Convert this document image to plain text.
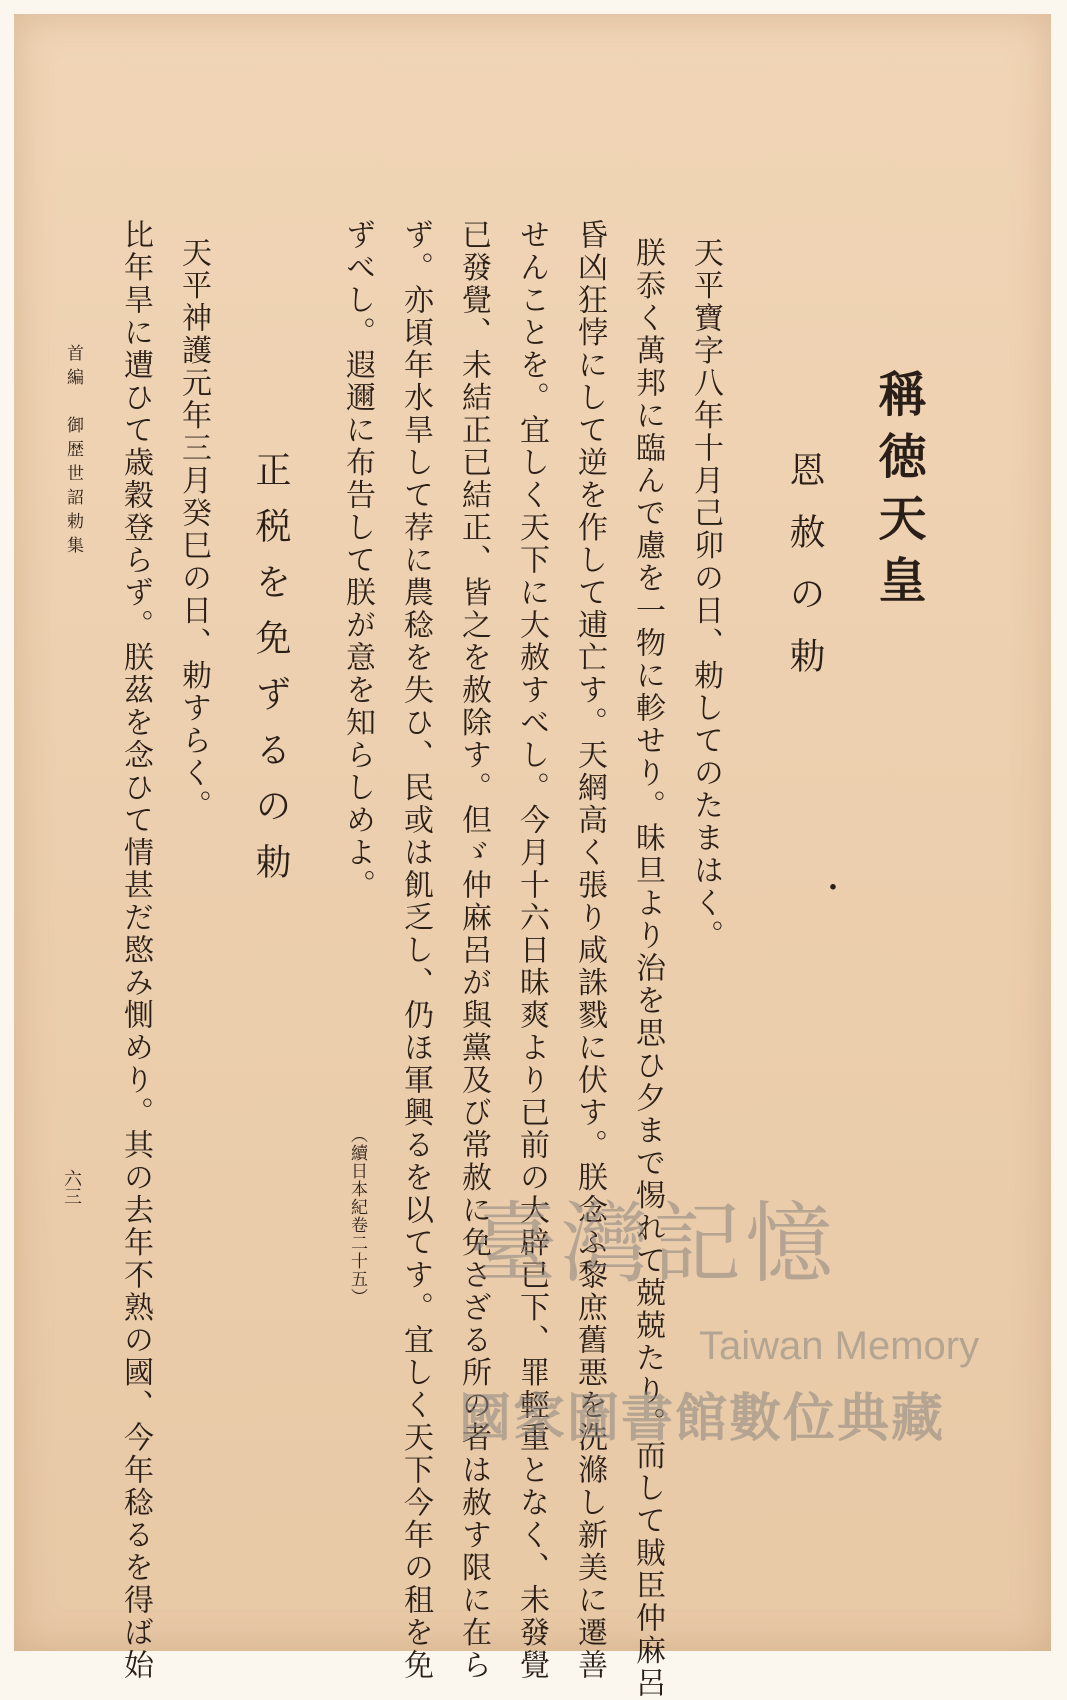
稱徳天皇
・
恩赦の勅
天平寶字八年十月己卯の日、勅してのたまはく。
朕忝く萬邦に臨んで慮を一物に軫せり。昧旦より治を思ひ夕まで惕れて兢兢たり。而して賊臣仲麻呂
昏凶狂悖にして逆を作して逋亡す。天網高く張り咸誅戮に伏す。朕念ふ黎庶舊悪を洗滌し新美に遷善
せんことを。宜しく天下に大赦すべし。今月十六日昧爽より已前の大辟已下、罪輕重となく、未發覺
已發覺、未結正已結正、皆之を赦除す。但ゞ仲麻呂が與黨及び常赦に免さざる所の者は赦す限に在ら
ず。亦頃年水旱して荐に農稔を失ひ、民或は飢乏し、仍ほ軍興るを以てす。宜しく天下今年の租を免
ずべし。遐邇に布告して朕が意を知らしめよ。
（續日本紀卷二十五）
正税を免ずるの勅
天平神護元年三月癸巳の日、勅すらく。
比年旱に遭ひて歳穀登らず。朕茲を念ひて情甚だ愍み惻めり。其の去年不熟の國、今年稔るを得ば始
首編　御歴世詔勅集
六三
臺灣記憶
Taiwan Memory
國家圖書館數位典藏
